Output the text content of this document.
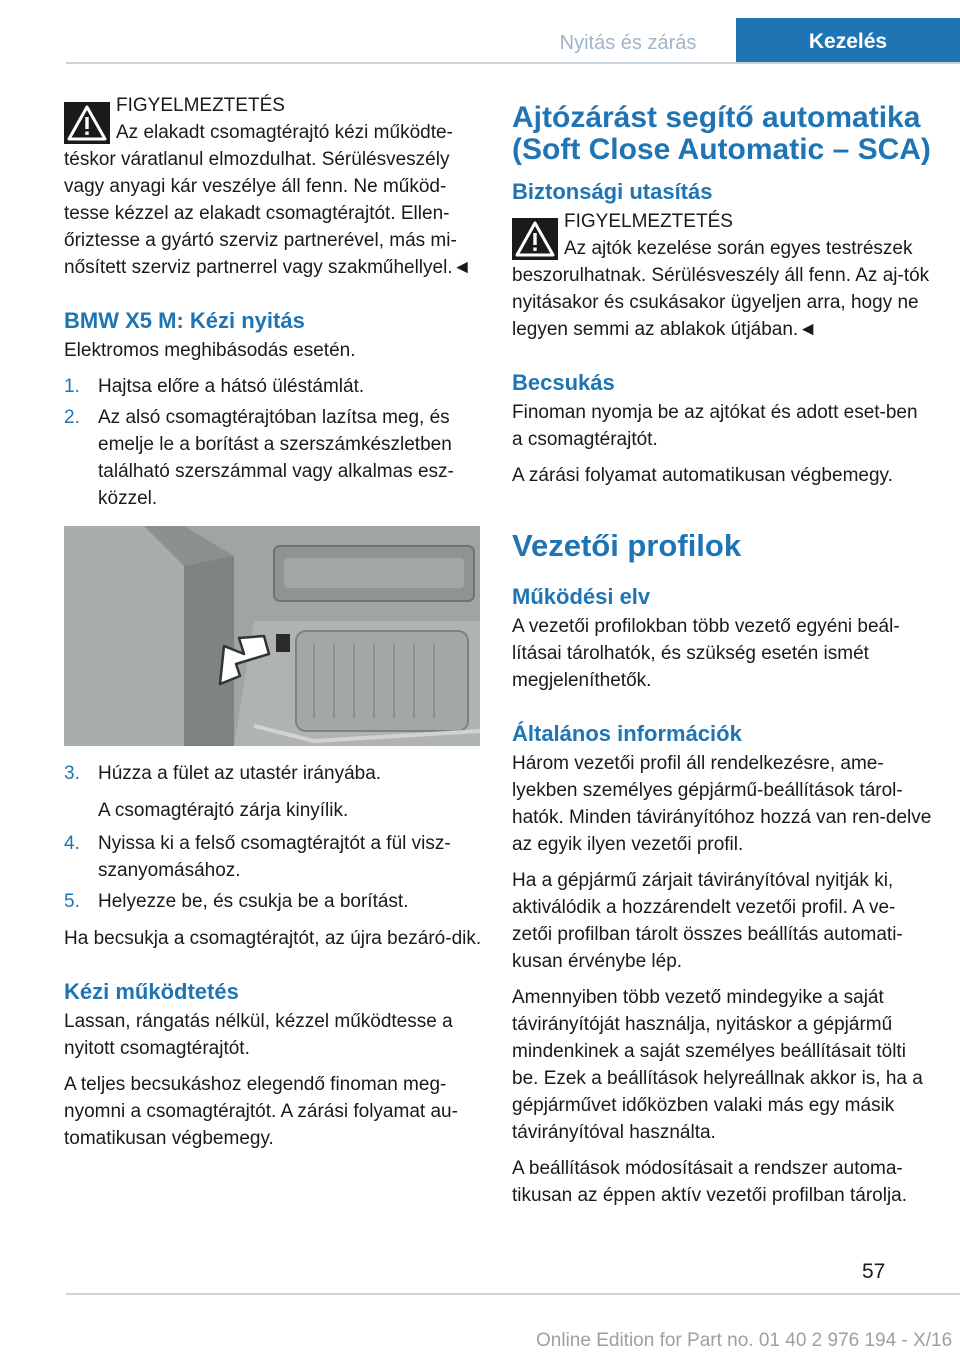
Nyitás és zárás	Kezelés
FIGYELMEZTETÉS
Az elakadt csomagtérajtó kézi működte-
téskor váratlanul elmozdulhat. Sérülésveszély vagy anyagi kár veszélye áll fenn. Ne működ-tesse kézzel az elakadt csomagtérajtót. Ellen-őriztesse a gyártó szerviz partnerével, más mi-nősített szerviz partnerrel vagy szakműhellyel.◄
BMW X5 M: Kézi nyitás

Elektromos meghibásodás esetén.

1. Hajtsa előre a hátsó üléstámlát.
2. Az alsó csomagtérajtóban lazítsa meg, és emelje le a borítást a szerszámkészletben található szerszámmal vagy alkalmas esz-közzel.
3. Húzza a fület az utastér irányába.
A csomagtérajtó zárja kinyílik.
4. Nyissa ki a felső csomagtérajtót a fül visz-szanyomásához.
5. Helyezze be, és csukja be a borítást.

Ha becsukja a csomagtérajtót, az újra bezáró-dik.

Kézi működtetés

Lassan, rángatás nélkül, kézzel működtesse a nyitott csomagtérajtót.

A teljes becsukáshoz elegendő finoman meg-nyomni a csomagtérajtót. A zárási folyamat au-tomatikusan végbemegy.

Ajtózárást segítő automatika (Soft Close Automatic – SCA)
Biztonsági utasítás
FIGYELMEZTETÉS
Az ajtók kezelése során egyes testrészek
beszorulhatnak. Sérülésveszély áll fenn. Az aj-tók nyitásakor és csukásakor ügyeljen arra, hogy ne legyen semmi az ablakok útjában.◄
Becsukás

Finoman nyomja be az ajtókat és adott eset-ben a csomagtérajtót.

A zárási folyamat automatikusan végbemegy.

Vezetői profilok
Működési elv

A vezetői profilokban több vezető egyéni beál-lításai tárolhatók, és szükség esetén ismét megjeleníthetők.

Általános információk

Három vezetői profil áll rendelkezésre, ame-lyekben személyes gépjármű-beállítások tárol-hatók. Minden távirányítóhoz hozzá van ren-delve az egyik ilyen vezetői profil.

Ha a gépjármű zárjait távirányítóval nyitják ki, aktiválódik a hozzárendelt vezetői profil. A ve-zetői profilban tárolt összes beállítás automati-kusan érvénybe lép.

Amennyiben több vezető mindegyike a saját távirányítóját használja, nyitáskor a gépjármű mindenkinek a saját személyes beállításait tölti be. Ezek a beállítások helyreállnak akkor is, ha a gépjárművet időközben valaki más egy másik távirányítóval használta.

A beállítások módosításait a rendszer automa-tikusan az éppen aktív vezetői profilban tárolja.

57
Online Edition for Part no. 01 40 2 976 194 - X/16
